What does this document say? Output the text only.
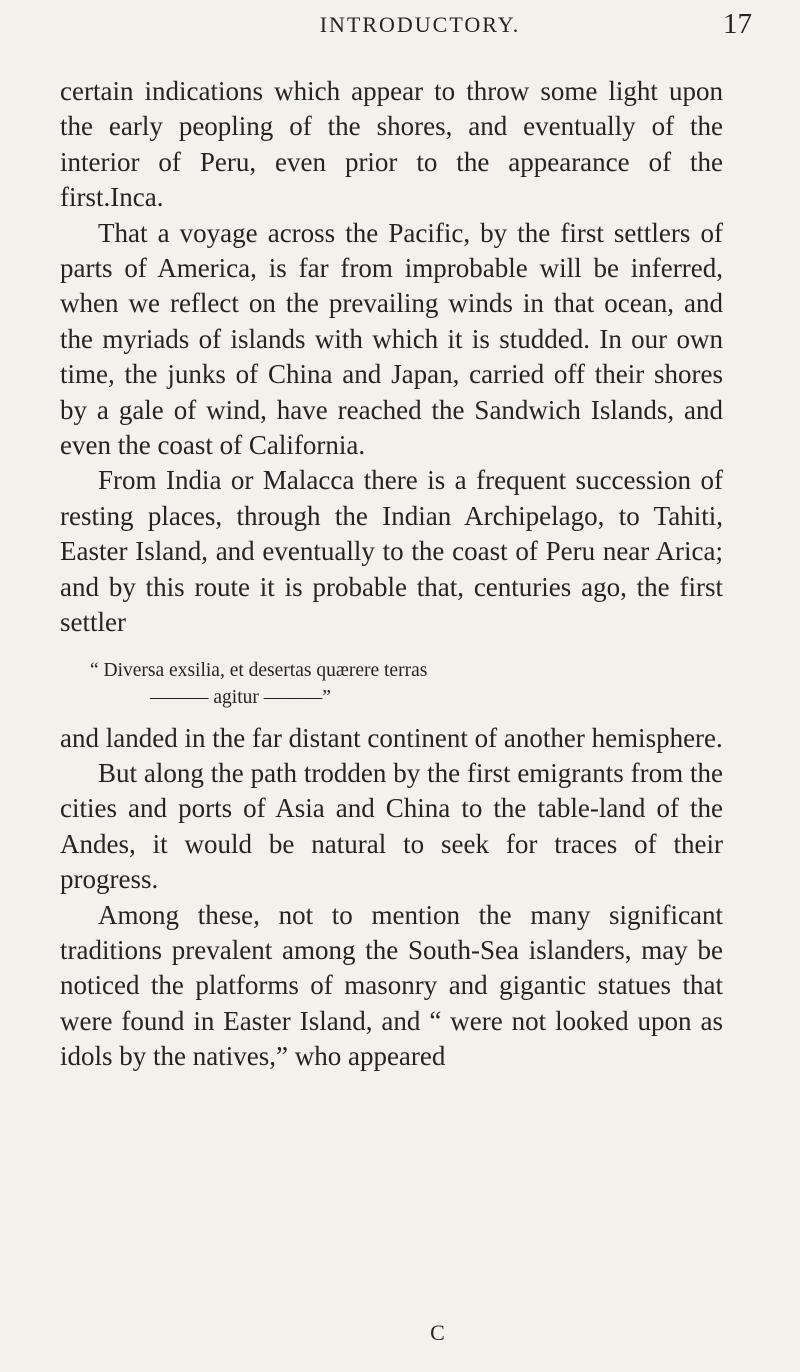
INTRODUCTORY.	17

certain indications which appear to throw some light upon the early peopling of the shores, and eventually of the interior of Peru, even prior to the appearance of the first.Inca.

That a voyage across the Pacific, by the first settlers of parts of America, is far from improbable will be inferred, when we reflect on the prevailing winds in that ocean, and the myriads of islands with which it is studded. In our own time, the junks of China and Japan, carried off their shores by a gale of wind, have reached the Sandwich Islands, and even the coast of California.

From India or Malacca there is a frequent succession of resting places, through the Indian Archipelago, to Tahiti, Easter Island, and eventually to the coast of Peru near Arica; and by this route it is probable that, centuries ago, the first settler

“ Diversa exsilia, et desertas quærere terras
——— agitur ———”

and landed in the far distant continent of another hemisphere.

But along the path trodden by the first emigrants from the cities and ports of Asia and China to the table-land of the Andes, it would be natural to seek for traces of their progress.

Among these, not to mention the many significant traditions prevalent among the South-Sea islanders, may be noticed the platforms of masonry and gigantic statues that were found in Easter Island, and “ were not looked upon as idols by the natives,” who appeared

C
